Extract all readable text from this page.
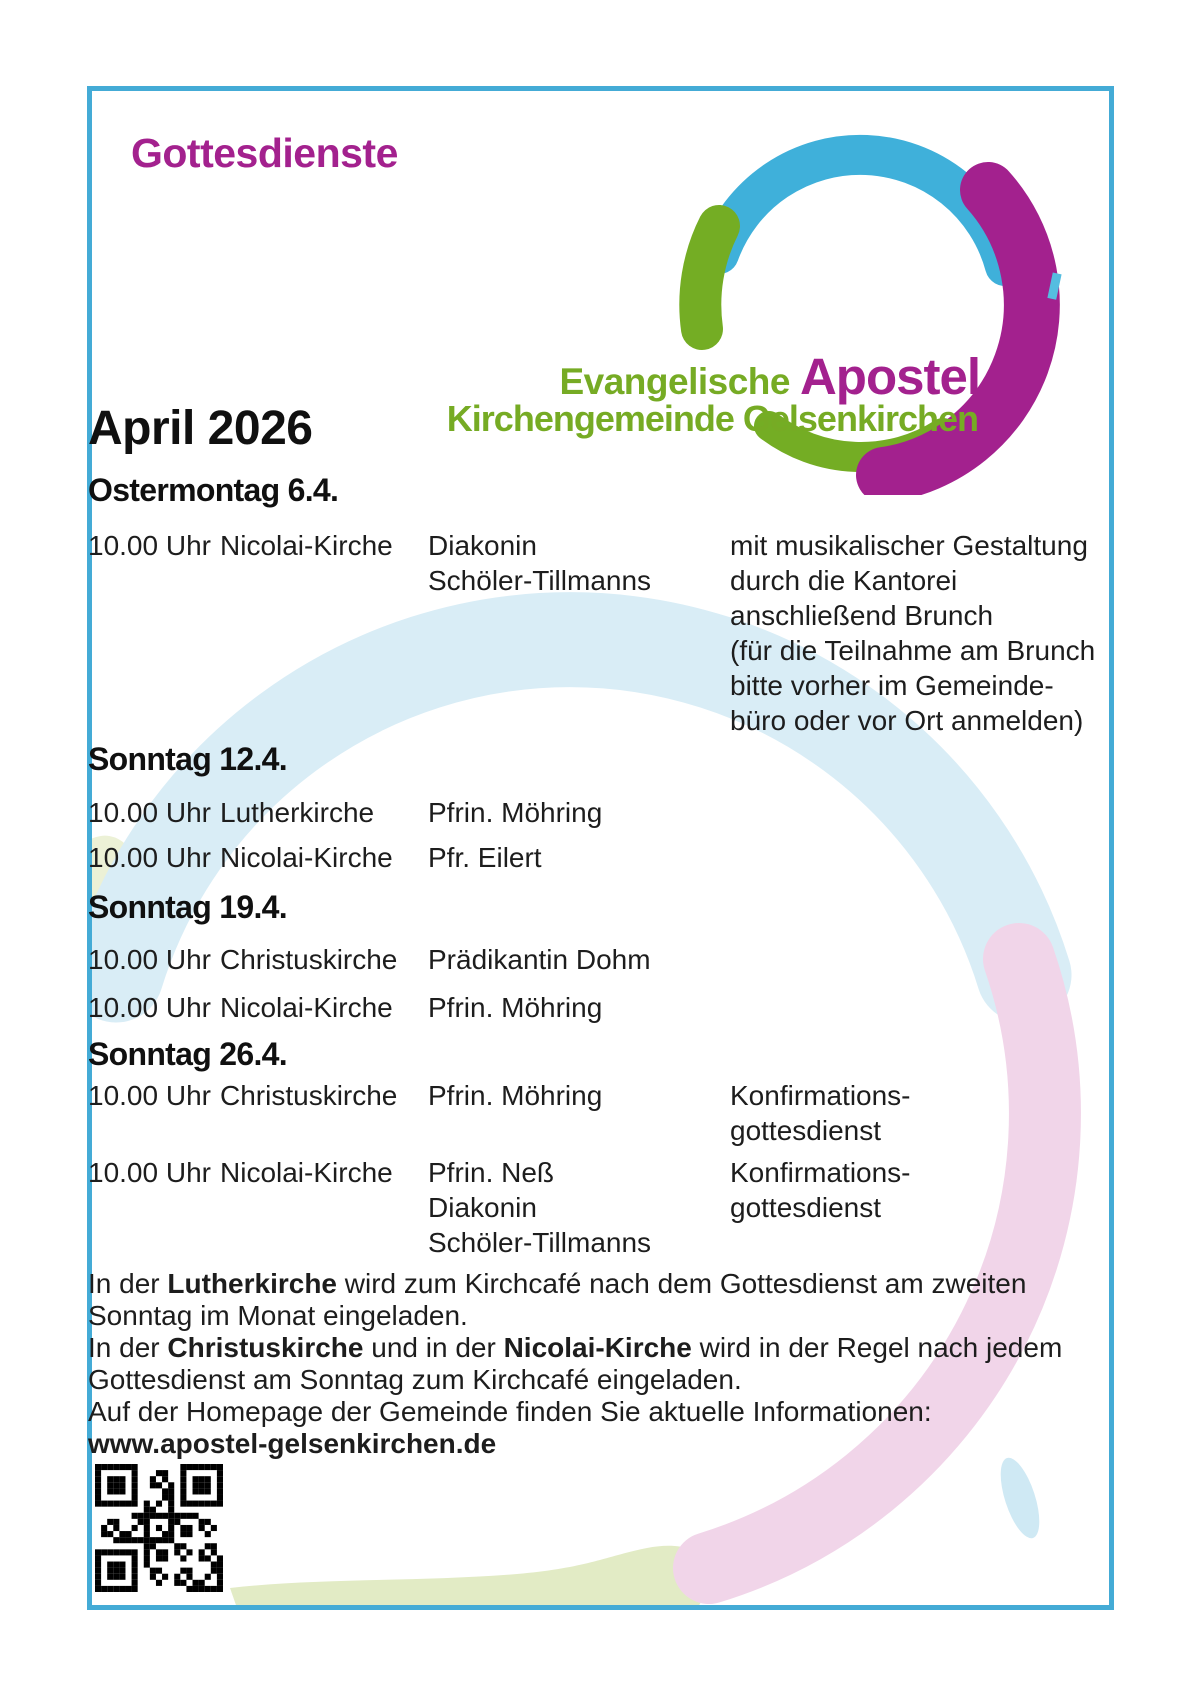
Gottesdienste
Evangelische Apostel
Kirchengemeinde Gelsenkirchen
April 2026
Ostermontag 6.4.
10.00 Uhr Nicolai-Kirche Diakonin
Schöler-Tillmanns
mit musikalischer Gestaltung
durch die Kantorei
anschließend Brunch
(für die Teilnahme am Brunch
bitte vorher im Gemeinde-
büro oder vor Ort anmelden)
Sonntag 12.4.
10.00 Uhr Lutherkirche Pfrin. Möhring
10.00 Uhr Nicolai-Kirche Pfr. Eilert
Sonntag 19.4.
10.00 Uhr Christuskirche Prädikantin Dohm
10.00 Uhr Nicolai-Kirche Pfrin. Möhring
Sonntag 26.4.
10.00 Uhr Christuskirche Pfrin. Möhring	Konfirmations-
gottesdienst
10.00 Uhr Nicolai-Kirche Pfrin. Neß
Diakonin
Schöler-Tillmanns
Konfirmations-
gottesdienst
In der Lutherkirche wird zum Kirchcafé nach dem Gottesdienst am zweiten
Sonntag im Monat eingeladen.
In der Christuskirche und in der Nicolai-Kirche wird in der Regel nach jedem
Gottesdienst am Sonntag zum Kirchcafé eingeladen.
Auf der Homepage der Gemeinde finden Sie aktuelle Informationen:
www.apostel-gelsenkirchen.de
